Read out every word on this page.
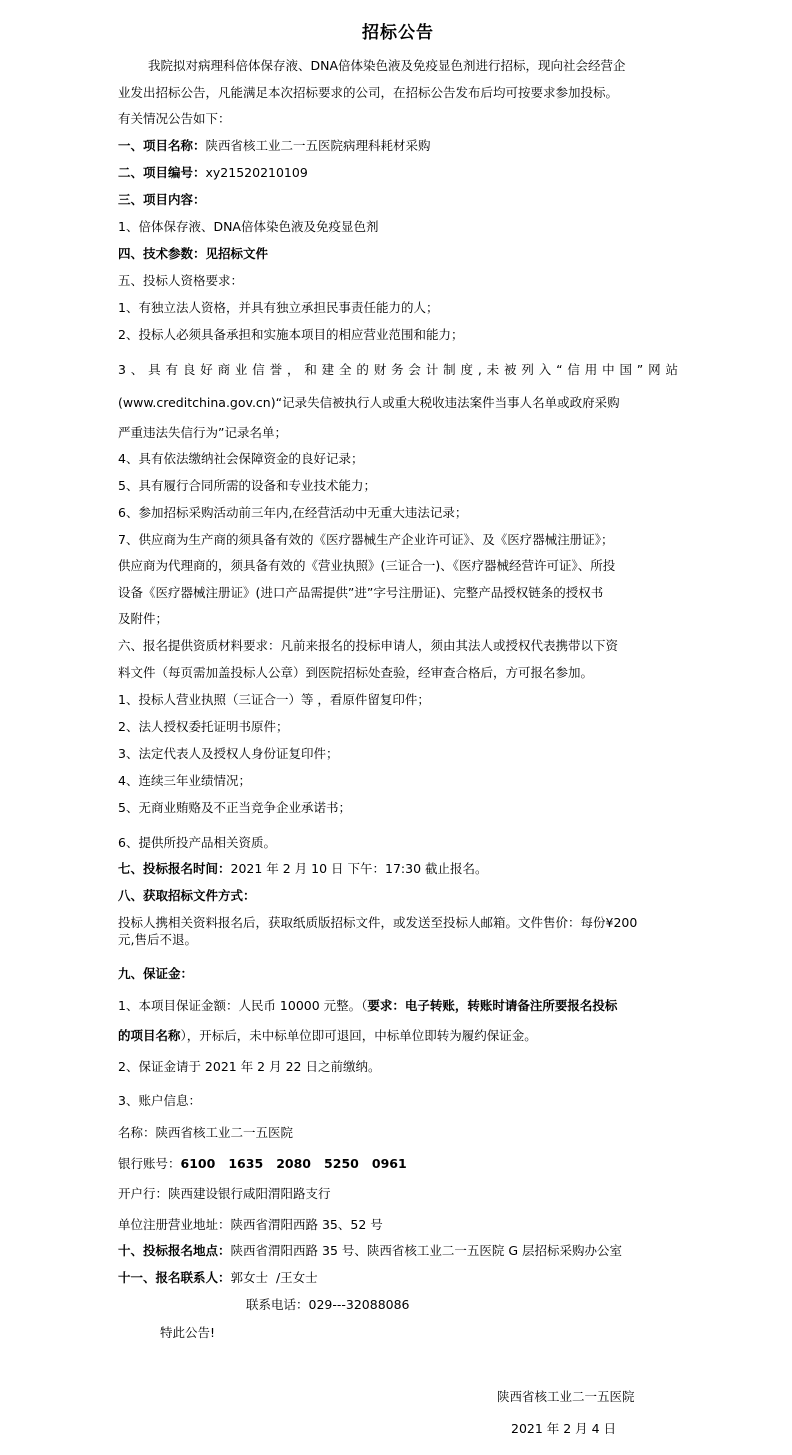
招标公告
我院拟对病理科倍体保存液、DNA倍体染色液及免疫显色剂进行招标，现向社会经营企
业发出招标公告，凡能满足本次招标要求的公司，在招标公告发布后均可按要求参加投标。
有关情况公告如下：
一、项目名称：陕西省核工业二一五医院病理科耗材采购
二、项目编号：xy21520210109
三、项目内容：
1、倍体保存液、DNA倍体染色液及免疫显色剂
四、技术参数：见招标文件
五、投标人资格要求：
1、有独立法人资格，并具有独立承担民事责任能力的人；
2、投标人必须具备承担和实施本项目的相应营业范围和能力；
3、具有良好商业信誉，和建全的财务会计制度,未被列入“信用中国”网站
(www.creditchina.gov.cn)“记录失信被执行人或重大税收违法案件当事人名单或政府采购
严重违法失信行为”记录名单；
4、具有依法缴纳社会保障资金的良好记录；
5、具有履行合同所需的设备和专业技术能力；
6、参加招标采购活动前三年内,在经营活动中无重大违法记录；
7、供应商为生产商的须具备有效的《医疗器械生产企业许可证》、及《医疗器械注册证》；
供应商为代理商的，须具备有效的《营业执照》(三证合一)、《医疗器械经营许可证》、所投
设备《医疗器械注册证》(进口产品需提供”进”字号注册证)、完整产品授权链条的授权书
及附件；
六、报名提供资质材料要求：凡前来报名的投标申请人，须由其法人或授权代表携带以下资
料文件（每页需加盖投标人公章）到医院招标处查验，经审查合格后，方可报名参加。
1、投标人营业执照（三证合一）等 ，看原件留复印件；
2、法人授权委托证明书原件；
3、法定代表人及授权人身份证复印件；
4、连续三年业绩情况；
5、无商业贿赂及不正当竞争企业承诺书；
6、提供所投产品相关资质。
七、投标报名时间：2021 年 2 月 10 日 下午：17:30 截止报名。
八、获取招标文件方式：
投标人携相关资料报名后，获取纸质版招标文件，或发送至投标人邮箱。文件售价：每份¥200
元,售后不退。
九、保证金：
1、本项目保证金额：人民币 10000 元整。（要求：电子转账，转账时请备注所要报名投标
的项目名称），开标后，未中标单位即可退回，中标单位即转为履约保证金。
2、保证金请于 2021 年 2 月 22 日之前缴纳。
3、账户信息：
名称：陕西省核工业二一五医院
银行账号：6100   1635   2080   5250   0961
开户行：陕西建设银行咸阳渭阳路支行
单位注册营业地址：陕西省渭阳西路 35、52 号
十、投标报名地点：陕西省渭阳西路 35 号、陕西省核工业二一五医院 G 层招标采购办公室
十一、报名联系人：郭女士  /王女士
联系电话：029---32088086
特此公告!
陕西省核工业二一五医院
2021 年 2 月 4 日
